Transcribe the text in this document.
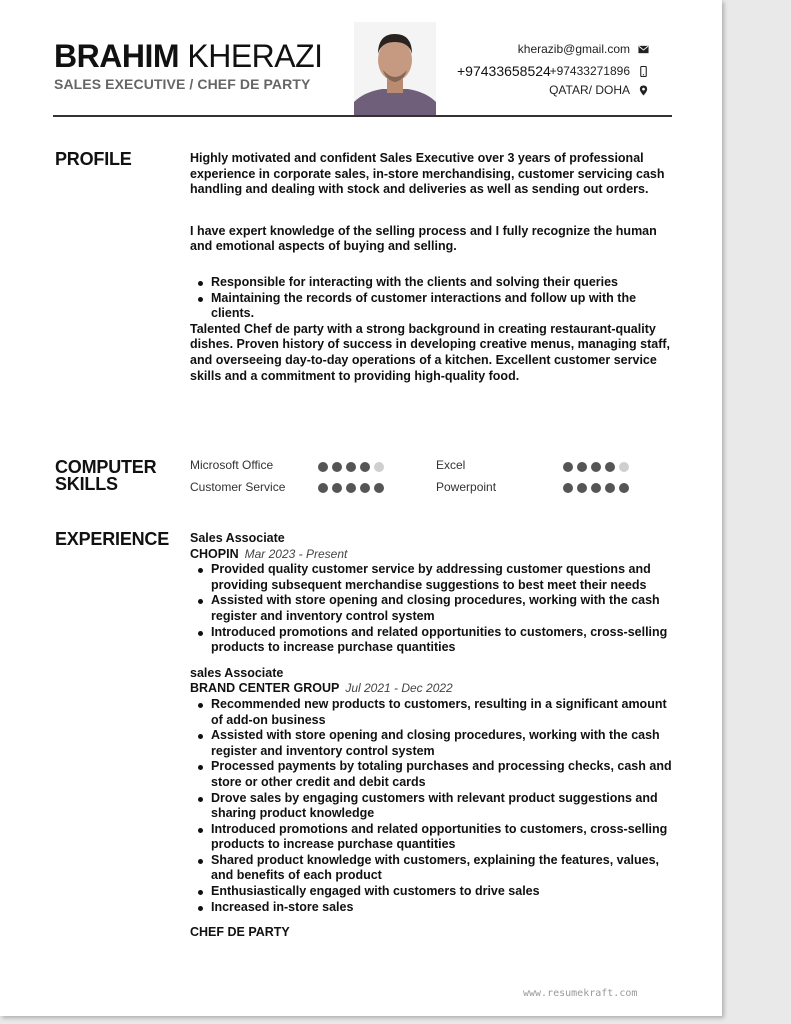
BRAHIM KHERAZI
SALES EXECUTIVE / CHEF DE PARTY
kherazib@gmail.com
+97433658524
+97433271896
QATAR/ DOHA
PROFILE	Highly motivated and confident Sales Executive over 3 years of professional experience in corporate sales, in-store merchandising, customer servicing cash handling and dealing with stock and deliveries as well as sending out orders.

I have expert knowledge of the selling process and I fully recognize the human and emotional aspects of buying and selling.

Responsible for interacting with the clients and solving their queries
Maintaining the records of customer interactions and follow up with the clients.

Talented Chef de party with a strong background in creating restaurant-quality dishes. Proven history of success in developing creative menus, managing staff, and overseeing day-to-day operations of a kitchen. Excellent customer service skills and a commitment to providing high-quality food.

COMPUTER
SKILLS
Microsoft Office	Excel
Customer Service	Powerpoint
EXPERIENCE Sales Associate
CHOPIN Mar 2023 - Present
Provided quality customer service by addressing customer questions and providing subsequent merchandise suggestions to best meet their needs
Assisted with store opening and closing procedures, working with the cash register and inventory control system
Introduced promotions and related opportunities to customers, cross-selling products to increase purchase quantities
sales Associate
BRAND CENTER GROUP Jul 2021 - Dec 2022
Recommended new products to customers, resulting in a significant amount of add-on business
Assisted with store opening and closing procedures, working with the cash register and inventory control system
Processed payments by totaling purchases and processing checks, cash and store or other credit and debit cards
Drove sales by engaging customers with relevant product suggestions and sharing product knowledge
Introduced promotions and related opportunities to customers, cross-selling products to increase purchase quantities
Shared product knowledge with customers, explaining the features, values, and benefits of each product
Enthusiastically engaged with customers to drive sales
Increased in-store sales
CHEF DE PARTY
www.resumekraft.com
